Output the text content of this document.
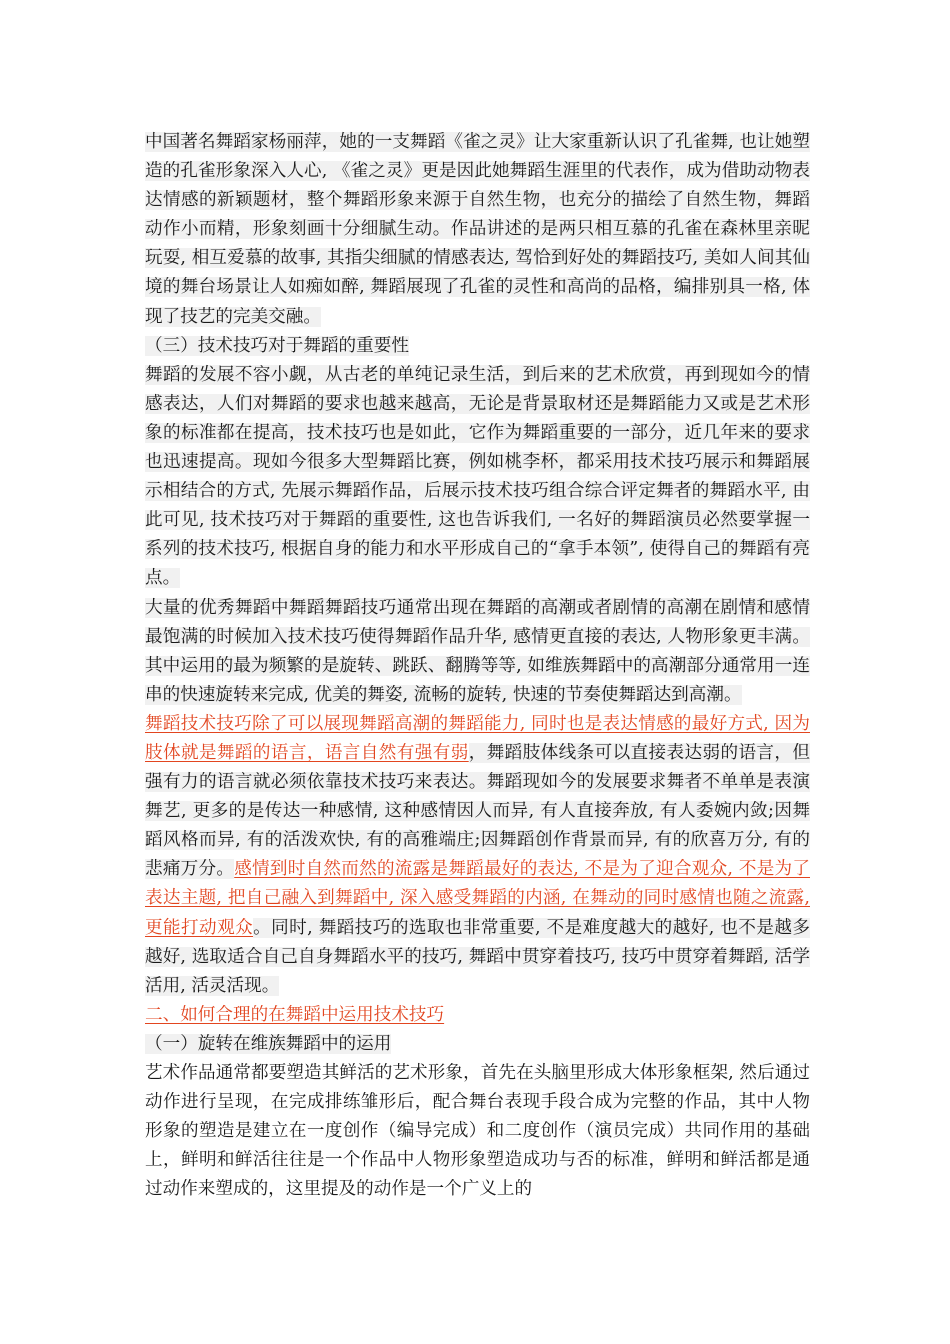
中国著名舞蹈家杨丽萍，她的一支舞蹈《雀之灵》让大家重新认识了孔雀舞, 也让她塑造的孔雀形象深入人心, 《雀之灵》更是因此她舞蹈生涯里的代表作，成为借助动物表达情感的新颖题材，整个舞蹈形象来源于自然生物，也充分的描绘了自然生物，舞蹈动作小而精，形象刻画十分细腻生动。作品讲述的是两只相互慕的孔雀在森林里亲昵玩耍, 相互爱慕的故事, 其指尖细腻的情感表达, 驾恰到好处的舞蹈技巧, 美如人间其仙境的舞台场景让人如痴如醉, 舞蹈展现了孔雀的灵性和高尚的品格，编排别具一格, 体现了技艺的完美交融。

（三）技术技巧对于舞蹈的重要性

舞蹈的发展不容小觑，从古老的单纯记录生活，到后来的艺术欣赏，再到现如今的情感表达，人们对舞蹈的要求也越来越高，无论是背景取材还是舞蹈能力又或是艺术形象的标准都在提高，技术技巧也是如此，它作为舞蹈重要的一部分，近几年来的要求也迅速提高。现如今很多大型舞蹈比赛，例如桃李杯，都采用技术技巧展示和舞蹈展示相结合的方式, 先展示舞蹈作品，后展示技术技巧组合综合评定舞者的舞蹈水平, 由此可见, 技术技巧对于舞蹈的重要性, 这也告诉我们, 一名好的舞蹈演员必然要掌握一系列的技术技巧, 根据自身的能力和水平形成自己的“拿手本领”, 使得自己的舞蹈有亮点。

大量的优秀舞蹈中舞蹈舞蹈技巧通常出现在舞蹈的高潮或者剧情的高潮在剧情和感情最饱满的时候加入技术技巧使得舞蹈作品升华, 感情更直接的表达, 人物形象更丰满。其中运用的最为频繁的是旋转、跳跃、翻腾等等, 如维族舞蹈中的高潮部分通常用一连串的快速旋转来完成, 优美的舞姿, 流畅的旋转, 快速的节奏使舞蹈达到高潮。

舞蹈技术技巧除了可以展现舞蹈高潮的舞蹈能力, 同时也是表达情感的最好方式, 因为肢体就是舞蹈的语言，语言自然有强有弱，舞蹈肢体线条可以直接表达弱的语言，但强有力的语言就必须依靠技术技巧来表达。舞蹈现如今的发展要求舞者不单单是表演舞艺, 更多的是传达一种感情, 这种感情因人而异, 有人直接奔放, 有人委婉内敛;因舞蹈风格而异, 有的活泼欢快, 有的高雅端庄;因舞蹈创作背景而异, 有的欣喜万分, 有的悲痛万分。感情到时自然而然的流露是舞蹈最好的表达, 不是为了迎合观众, 不是为了表达主题, 把自己融入到舞蹈中, 深入感受舞蹈的内涵, 在舞动的同时感情也随之流露, 更能打动观众。同时, 舞蹈技巧的选取也非常重要, 不是难度越大的越好, 也不是越多越好, 选取适合自己自身舞蹈水平的技巧, 舞蹈中贯穿着技巧, 技巧中贯穿着舞蹈, 活学活用, 活灵活现。

二、如何合理的在舞蹈中运用技术技巧

（一）旋转在维族舞蹈中的运用

艺术作品通常都要塑造其鲜活的艺术形象，首先在头脑里形成大体形象框架, 然后通过动作进行呈现，在完成排练雏形后，配合舞台表现手段合成为完整的作品，其中人物形象的塑造是建立在一度创作（编导完成）和二度创作（演员完成）共同作用的基础上，鲜明和鲜活往往是一个作品中人物形象塑造成功与否的标准，鲜明和鲜活都是通过动作来塑成的，这里提及的动作是一个广义上的
